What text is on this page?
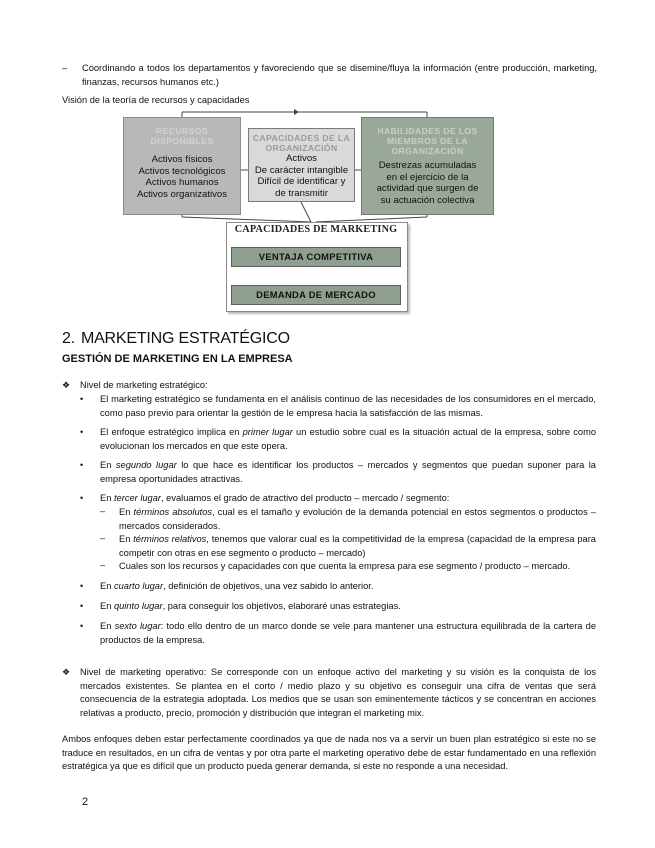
– Coordinando a todos los departamentos y favoreciendo que se disemine/fluya la información (entre producción, marketing, finanzas, recursos humanos etc.)
Visión de la teoría de recursos y capacidades
RECURSOS DISPONIBLES
Activos físicos
Activos tecnológicos
Activos humanos
Activos organizativos
CAPACIDADES DE LA ORGANIZACIÓN
Activos
De carácter intangible
Difícil de identificar y
de transmitir
HABILIDADES DE LOS MIEMBROS DE LA ORGANIZACIÓN
Destrezas acumuladas
en el ejercicio de la
actividad que surgen de
su actuación colectiva
CAPACIDADES DE MARKETING
VENTAJA COMPETITIVA
DEMANDA DE MERCADO
2. MARKETING ESTRATÉGICO
GESTIÓN DE MARKETING EN LA EMPRESA
❖ Nivel de marketing estratégico:
• El marketing estratégico se fundamenta en el análisis continuo de las necesidades de los consumidores en el mercado, como paso previo para orientar la gestión de le empresa hacia la satisfacción de las mismas.
• El enfoque estratégico implica en primer lugar un estudio sobre cual es la situación actual de la empresa, sobre como evolucionan los mercados en que este opera.
• En segundo lugar lo que hace es identificar los productos – mercados y segmentos que puedan suponer para la empresa oportunidades atractivas.
• En tercer lugar, evaluamos el grado de atractivo del producto – mercado / segmento:
– En términos absolutos, cual es el tamaño y evolución de la demanda potencial en estos segmentos o productos – mercados considerados.
– En términos relativos, tenemos que valorar cual es la competitividad de la empresa (capacidad de la empresa para competir con otras en ese segmento o producto – mercado)
– Cuales son los recursos y capacidades con que cuenta la empresa para ese segmento / producto – mercado.
• En cuarto lugar, definición de objetivos, una vez sabido lo anterior.
• En quinto lugar, para conseguir los objetivos, elaboraré unas estrategias.
• En sexto lugar: todo ello dentro de un marco donde se vele para mantener una estructura equilibrada de la cartera de productos de la empresa.
❖ Nivel de marketing operativo: Se corresponde con un enfoque activo del marketing y su visión es la conquista de los mercados existentes. Se plantea en el corto / medio plazo y su objetivo es conseguir una cifra de ventas que será consecuencia de la estrategia adoptada. Los medios que se usan son eminentemente tácticos y se concentran en acciones relativas a producto, precio, promoción y distribución que integran el marketing mix.
Ambos enfoques deben estar perfectamente coordinados ya que de nada nos va a servir un buen plan estratégico si este no se traduce en resultados, en un cifra de ventas y por otra parte el marketing operativo debe de estar fundamentado en una reflexión estratégica ya que es difícil que un producto pueda generar demanda, si este no responde a una necesidad.
2
